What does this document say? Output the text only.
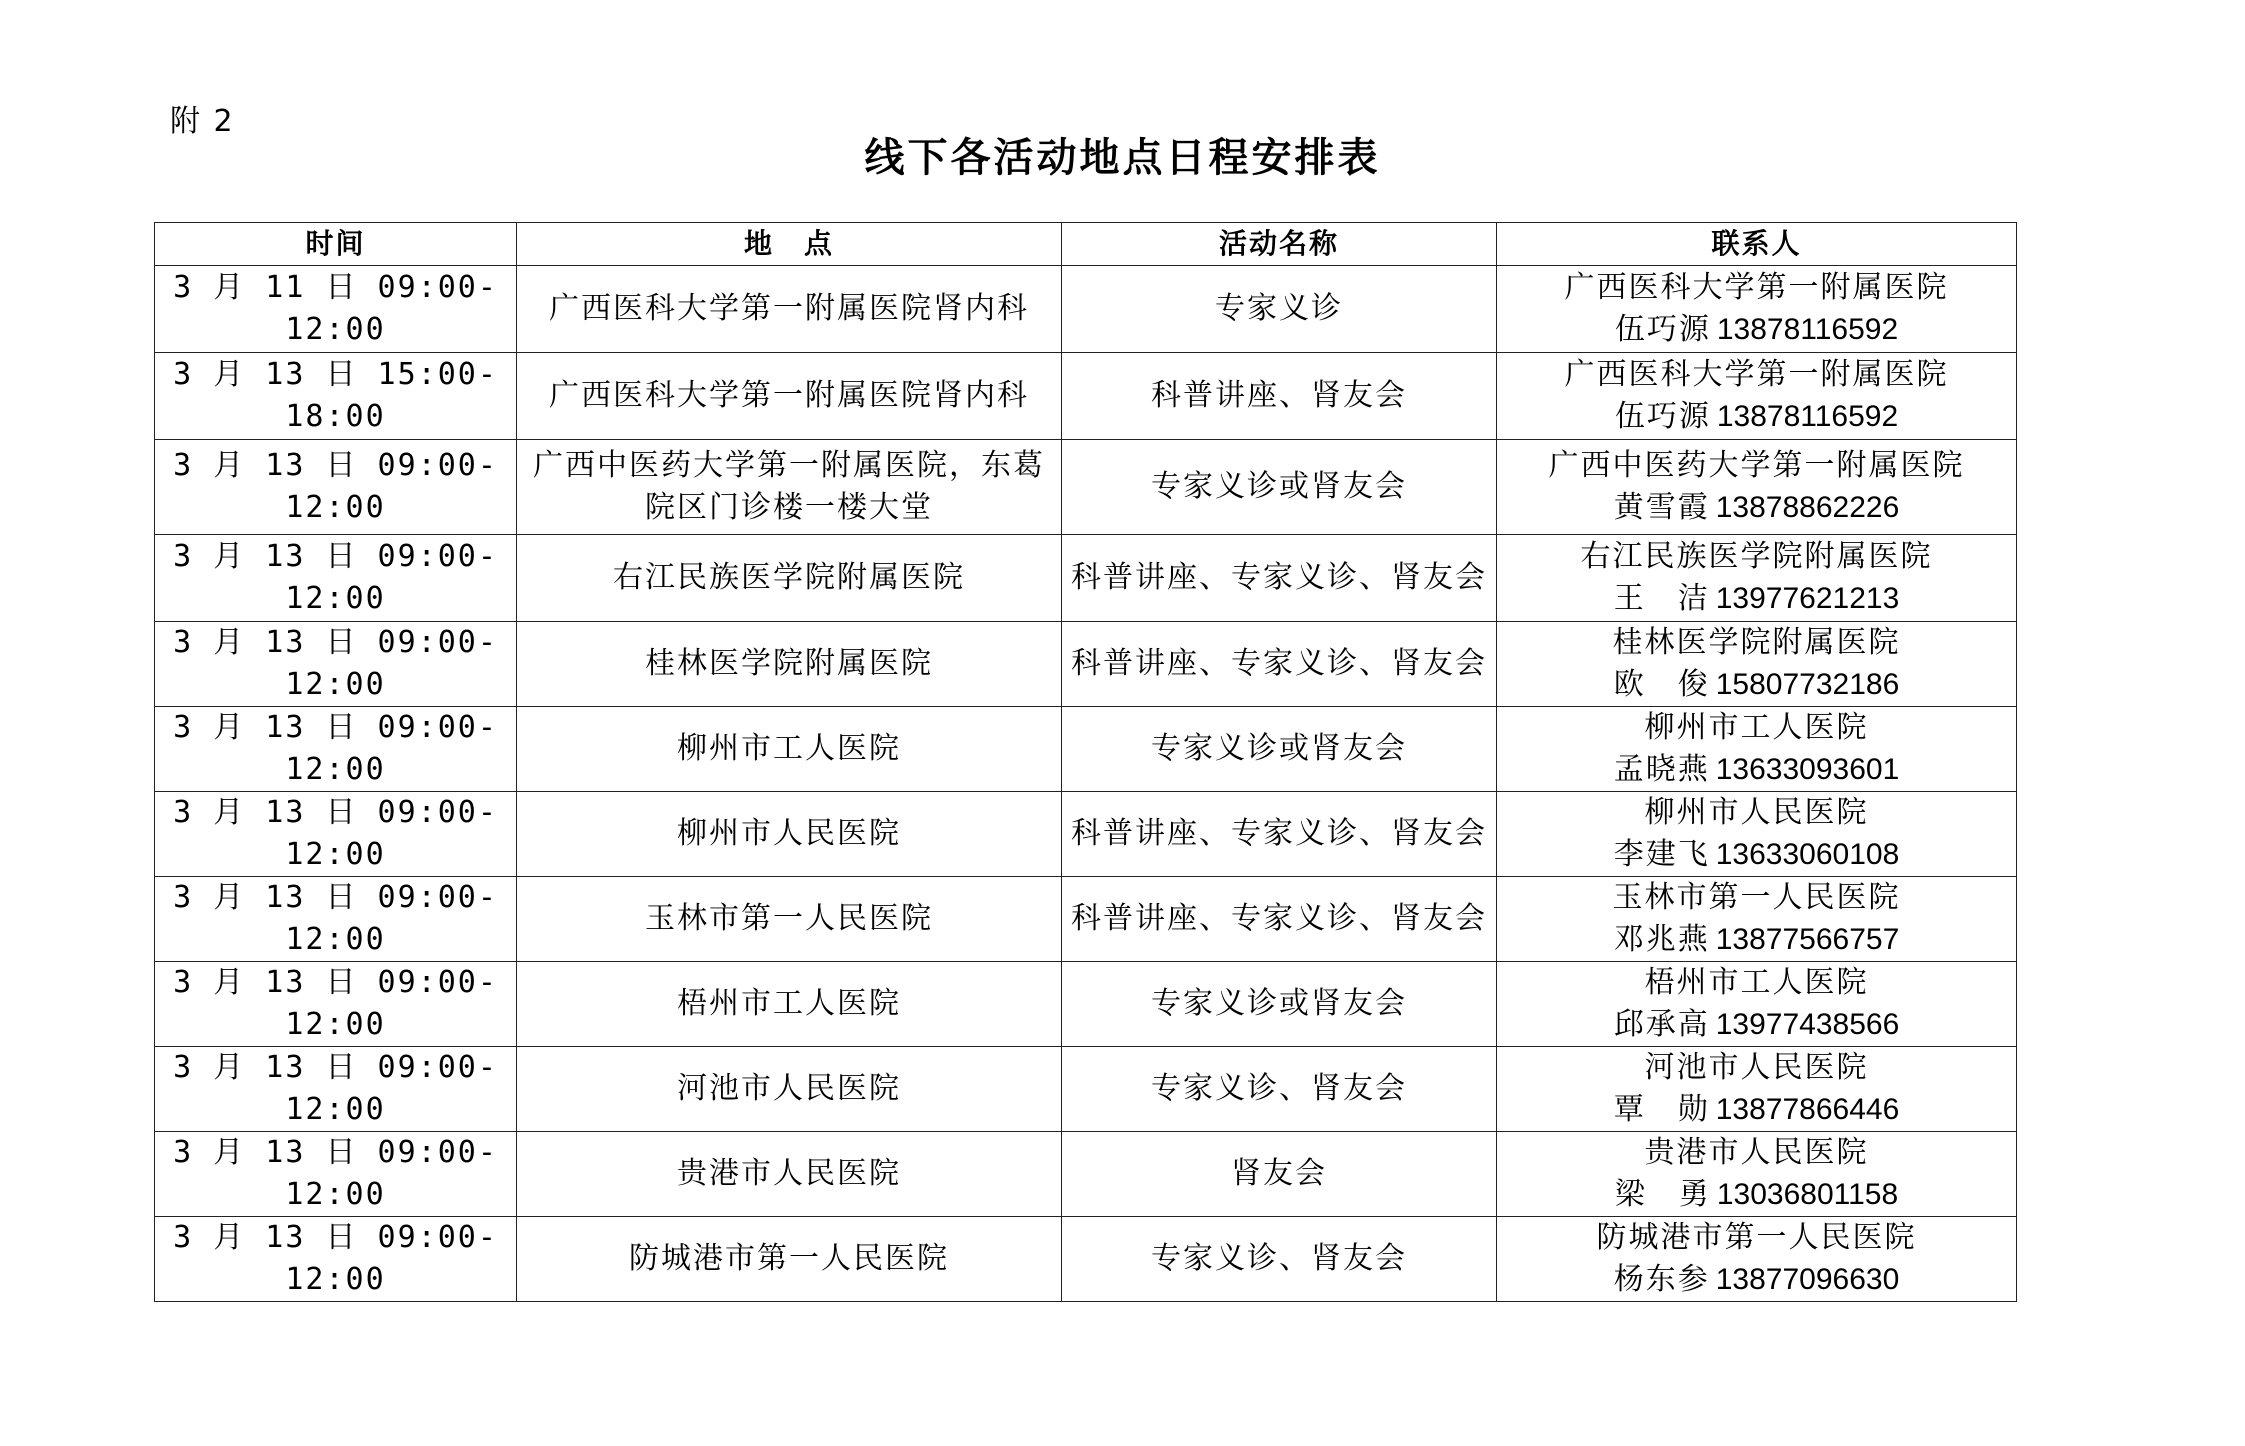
附 2
线下各活动地点日程安排表
时间	地　点	活动名称	联系人
3 月 11 日 09:00-12:00	广西医科大学第一附属医院肾内科	专家义诊	广西医科大学第一附属医院
伍巧源 13878116592

3 月 13 日 15:00-18:00	广西医科大学第一附属医院肾内科	科普讲座、肾友会	广西医科大学第一附属医院
伍巧源 13878116592

3 月 13 日 09:00-12:00	广西中医药大学第一附属医院，东葛院区门诊楼一楼大堂	专家义诊或肾友会	广西中医药大学第一附属医院
黄雪霞 13878862226

3 月 13 日 09:00-12:00	右江民族医学院附属医院	科普讲座、专家义诊、肾友会	右江民族医学院附属医院
王　洁 13977621213

3 月 13 日 09:00-12:00	桂林医学院附属医院	科普讲座、专家义诊、肾友会	桂林医学院附属医院
欧　俊 15807732186

3 月 13 日 09:00-12:00	柳州市工人医院	专家义诊或肾友会	柳州市工人医院
孟晓燕 13633093601

3 月 13 日 09:00-12:00	柳州市人民医院	科普讲座、专家义诊、肾友会	柳州市人民医院
李建飞 13633060108

3 月 13 日 09:00-12:00	玉林市第一人民医院	科普讲座、专家义诊、肾友会	玉林市第一人民医院
邓兆燕 13877566757

3 月 13 日 09:00-12:00	梧州市工人医院	专家义诊或肾友会	梧州市工人医院
邱承高 13977438566

3 月 13 日 09:00-12:00	河池市人民医院	专家义诊、肾友会	河池市人民医院
覃　勋 13877866446

3 月 13 日 09:00-12:00	贵港市人民医院	肾友会	贵港市人民医院
梁　勇 13036801158

3 月 13 日 09:00-12:00	防城港市第一人民医院	专家义诊、肾友会	防城港市第一人民医院
杨东参 13877096630
